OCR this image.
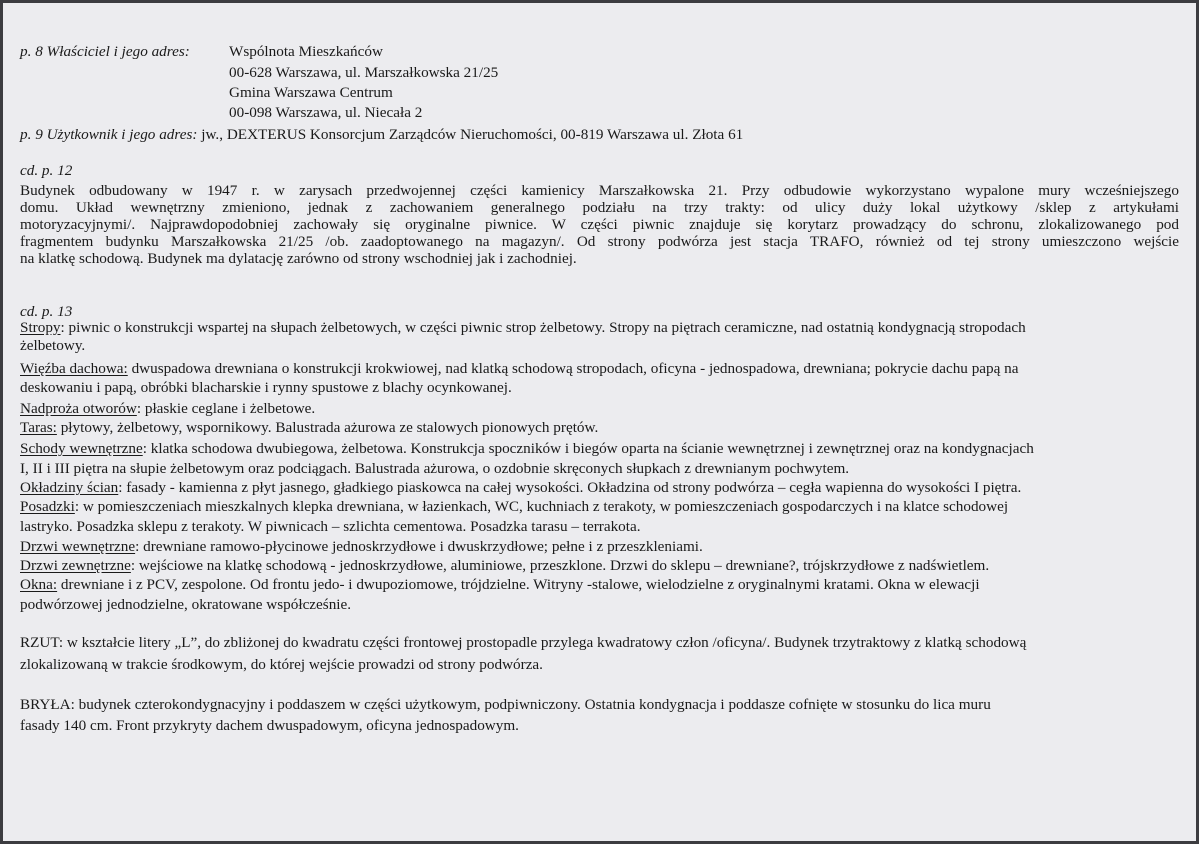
p. 8 Właściciel i jego adres:	Wspólnota Mieszkańców
00-628 Warszawa, ul. Marszałkowska 21/25
Gmina Warszawa Centrum
00-098 Warszawa, ul. Niecała 2
p. 9 Użytkownik i jego adres: jw., DEXTERUS Konsorcjum Zarządców Nieruchomości, 00-819 Warszawa ul. Złota 61
cd. p. 12
Budynek odbudowany w 1947 r. w zarysach przedwojennej części kamienicy Marszałkowska 21. Przy odbudowie wykorzystano wypalone mury wcześniejszego
domu. Układ wewnętrzny zmieniono, jednak z zachowaniem generalnego podziału na trzy trakty: od ulicy duży lokal użytkowy /sklep z artykułami
motoryzacyjnymi/. Najprawdopodobniej zachowały się oryginalne piwnice. W części piwnic znajduje się korytarz prowadzący do schronu, zlokalizowanego pod
fragmentem budynku Marszałkowska 21/25 /ob. zaadoptowanego na magazyn/. Od strony podwórza jest stacja TRAFO, również od tej strony umieszczono wejście
na klatkę schodową. Budynek ma dylatację zarówno od strony wschodniej jak i zachodniej.
cd. p. 13
Stropy: piwnic o konstrukcji wspartej na słupach żelbetowych, w części piwnic strop żelbetowy. Stropy na piętrach ceramiczne, nad ostatnią kondygnacją stropodach
żelbetowy.
Więźba dachowa: dwuspadowa drewniana o konstrukcji krokwiowej, nad klatką schodową stropodach, oficyna - jednospadowa, drewniana; pokrycie dachu papą na
deskowaniu i papą, obróbki blacharskie i rynny spustowe z blachy ocynkowanej.
Nadproża otworów: płaskie ceglane i żelbetowe.
Taras: płytowy, żelbetowy, wspornikowy. Balustrada ażurowa ze stalowych pionowych prętów.
Schody wewnętrzne: klatka schodowa dwubiegowa, żelbetowa. Konstrukcja spoczników i biegów oparta na ścianie wewnętrznej i zewnętrznej oraz na kondygnacjach
I, II i III piętra na słupie żelbetowym oraz podciągach. Balustrada ażurowa, o ozdobnie skręconych słupkach z drewnianym pochwytem.
Okładziny ścian: fasady - kamienna z płyt jasnego, gładkiego piaskowca na całej wysokości. Okładzina od strony podwórza – cegła wapienna do wysokości I piętra.
Posadzki: w pomieszczeniach mieszkalnych klepka drewniana, w łazienkach, WC, kuchniach z terakoty, w pomieszczeniach gospodarczych i na klatce schodowej
lastryko. Posadzka sklepu z terakoty. W piwnicach – szlichta cementowa. Posadzka tarasu – terrakota.
Drzwi wewnętrzne: drewniane ramowo-płycinowe jednoskrzydłowe i dwuskrzydłowe; pełne i z przeszkleniami.
Drzwi zewnętrzne: wejściowe na klatkę schodową - jednoskrzydłowe, aluminiowe, przeszklone. Drzwi do sklepu – drewniane?, trójskrzydłowe z nadświetlem.
Okna: drewniane i z PCV, zespolone. Od frontu jedo- i dwupoziomowe, trójdzielne. Witryny -stalowe, wielodzielne z oryginalnymi kratami. Okna w elewacji
podwórzowej jednodzielne, okratowane współcześnie.
RZUT: w kształcie litery „L”, do zbliżonej do kwadratu części frontowej prostopadle przylega kwadratowy człon /oficyna/. Budynek trzytraktowy z klatką schodową
zlokalizowaną w trakcie środkowym, do której wejście prowadzi od strony podwórza.
BRYŁA: budynek czterokondygnacyjny i poddaszem w części użytkowym, podpiwniczony. Ostatnia kondygnacja i poddasze cofnięte w stosunku do lica muru
fasady 140 cm. Front przykryty dachem dwuspadowym, oficyna jednospadowym.
